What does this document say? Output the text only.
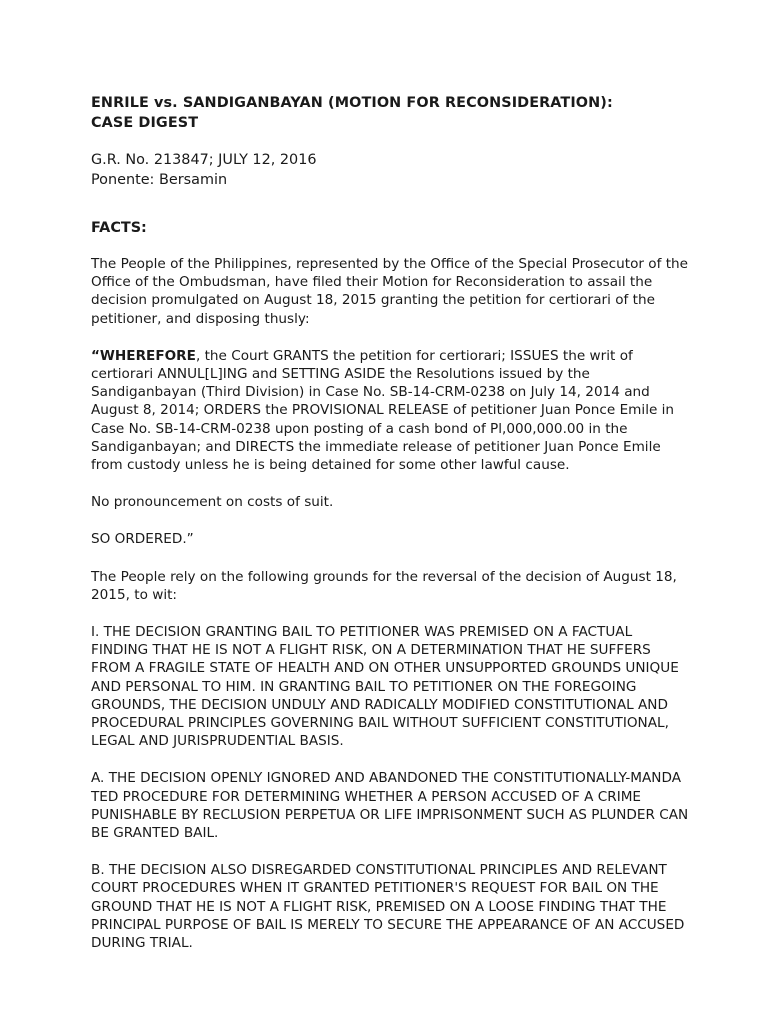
ENRILE vs. SANDIGANBAYAN (MOTION FOR RECONSIDERATION):
CASE DIGEST
G.R. No. 213847; JULY 12, 2016
Ponente: Bersamin
FACTS:

The People of the Philippines, represented by the Office of the Special Prosecutor of the Office of the Ombudsman, have filed their Motion for Reconsideration to assail the decision promulgated on August 18, 2015 granting the petition for certiorari of the petitioner, and disposing thusly:

“WHEREFORE, the Court GRANTS the petition for certiorari; ISSUES the writ of certiorari ANNUL[L]ING and SETTING ASIDE the Resolutions issued by the Sandiganbayan (Third Division) in Case No. SB-14-CRM-0238 on July 14, 2014 and August 8, 2014; ORDERS the PROVISIONAL RELEASE of petitioner Juan Ponce Emile in Case No. SB-14-CRM-0238 upon posting of a cash bond of Pl,000,000.00 in the Sandiganbayan; and DIRECTS the immediate release of petitioner Juan Ponce Emile from custody unless he is being detained for some other lawful cause.

No pronouncement on costs of suit.

SO ORDERED.”

The People rely on the following grounds for the reversal of the decision of August 18, 2015, to wit:

I. THE DECISION GRANTING BAIL TO PETITIONER WAS PREMISED ON A FACTUAL FINDING THAT HE IS NOT A FLIGHT RISK, ON A DETERMINATION THAT HE SUFFERS FROM A FRAGILE STATE OF HEALTH AND ON OTHER UNSUPPORTED GROUNDS UNIQUE AND PERSONAL TO HIM. IN GRANTING BAIL TO PETITIONER ON THE FOREGOING GROUNDS, THE DECISION UNDULY AND RADICALLY MODIFIED CONSTITUTIONAL AND PROCEDURAL PRINCIPLES GOVERNING BAIL WITHOUT SUFFICIENT CONSTITUTIONAL, LEGAL AND JURISPRUDENTIAL BASIS.

A. THE DECISION OPENLY IGNORED AND ABANDONED THE CONSTITUTIONALLY-MANDA TED PROCEDURE FOR DETERMINING WHETHER A PERSON ACCUSED OF A CRIME PUNISHABLE BY RECLUSION PERPETUA OR LIFE IMPRISONMENT SUCH AS PLUNDER CAN BE GRANTED BAIL.

B. THE DECISION ALSO DISREGARDED CONSTITUTIONAL PRINCIPLES AND RELEVANT COURT PROCEDURES WHEN IT GRANTED PETITIONER'S REQUEST FOR BAIL ON THE GROUND THAT HE IS NOT A FLIGHT RISK, PREMISED ON A LOOSE FINDING THAT THE PRINCIPAL PURPOSE OF BAIL IS MERELY TO SECURE THE APPEARANCE OF AN ACCUSED DURING TRIAL.
